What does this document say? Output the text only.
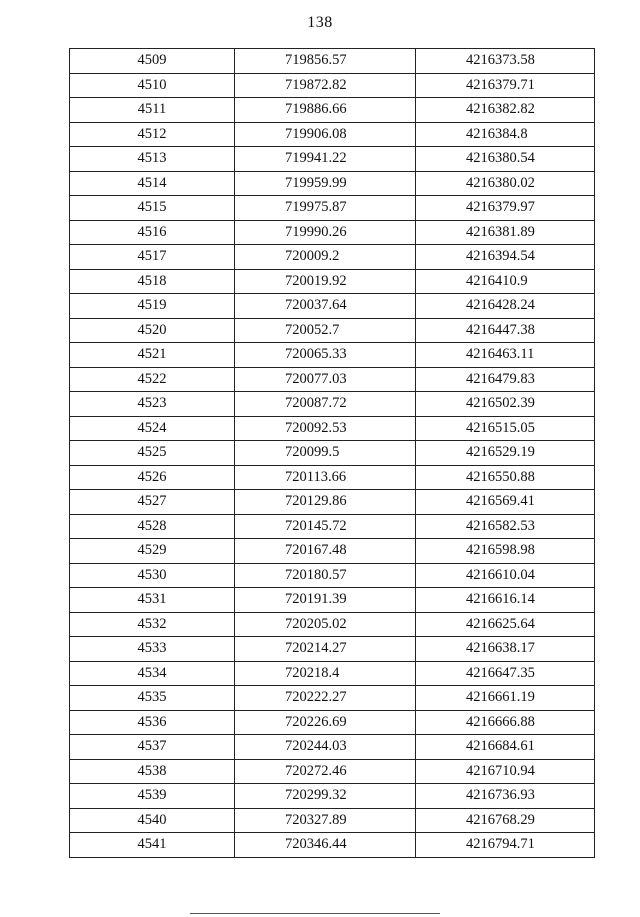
138
4509	719856.57	4216373.58
4510	719872.82	4216379.71
4511	719886.66	4216382.82
4512	719906.08	4216384.8
4513	719941.22	4216380.54
4514	719959.99	4216380.02
4515	719975.87	4216379.97
4516	719990.26	4216381.89
4517	720009.2	4216394.54
4518	720019.92	4216410.9
4519	720037.64	4216428.24
4520	720052.7	4216447.38
4521	720065.33	4216463.11
4522	720077.03	4216479.83
4523	720087.72	4216502.39
4524	720092.53	4216515.05
4525	720099.5	4216529.19
4526	720113.66	4216550.88
4527	720129.86	4216569.41
4528	720145.72	4216582.53
4529	720167.48	4216598.98
4530	720180.57	4216610.04
4531	720191.39	4216616.14
4532	720205.02	4216625.64
4533	720214.27	4216638.17
4534	720218.4	4216647.35
4535	720222.27	4216661.19
4536	720226.69	4216666.88
4537	720244.03	4216684.61
4538	720272.46	4216710.94
4539	720299.32	4216736.93
4540	720327.89	4216768.29
4541	720346.44	4216794.71
